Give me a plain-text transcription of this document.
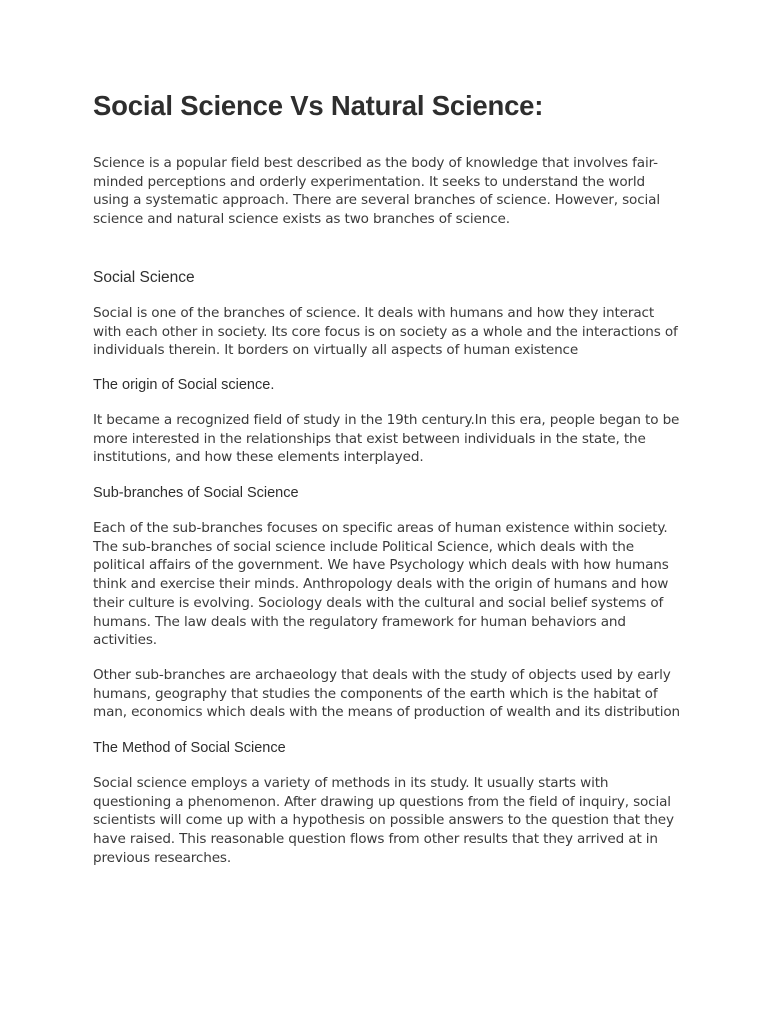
Social Science Vs Natural Science:

Science is a popular field best described as the body of knowledge that involves fair-minded perceptions and orderly experimentation. It seeks to understand the world using a systematic approach. There are several branches of science. However, social science and natural science exists as two branches of science.

Social Science

Social is one of the branches of science. It deals with humans and how they interact with each other in society. Its core focus is on society as a whole and the interactions of individuals therein. It borders on virtually all aspects of human existence

The origin of Social science.

It became a recognized field of study in the 19th century.In this era, people began to be more interested in the relationships that exist between individuals in the state, the institutions, and how these elements interplayed.

Sub-branches of Social Science

Each of the sub-branches focuses on specific areas of human existence within society. The sub-branches of social science include Political Science, which deals with the political affairs of the government. We have Psychology which deals with how humans think and exercise their minds. Anthropology deals with the origin of humans and how their culture is evolving. Sociology deals with the cultural and social belief systems of humans. The law deals with the regulatory framework for human behaviors and activities.

Other sub-branches are archaeology that deals with the study of objects used by early humans, geography that studies the components of the earth which is the habitat of man, economics which deals with the means of production of wealth and its distribution

The Method of Social Science

Social science employs a variety of methods in its study. It usually starts with questioning a phenomenon. After drawing up questions from the field of inquiry, social scientists will come up with a hypothesis on possible answers to the question that they have raised. This reasonable question flows from other results that they arrived at in previous researches.
